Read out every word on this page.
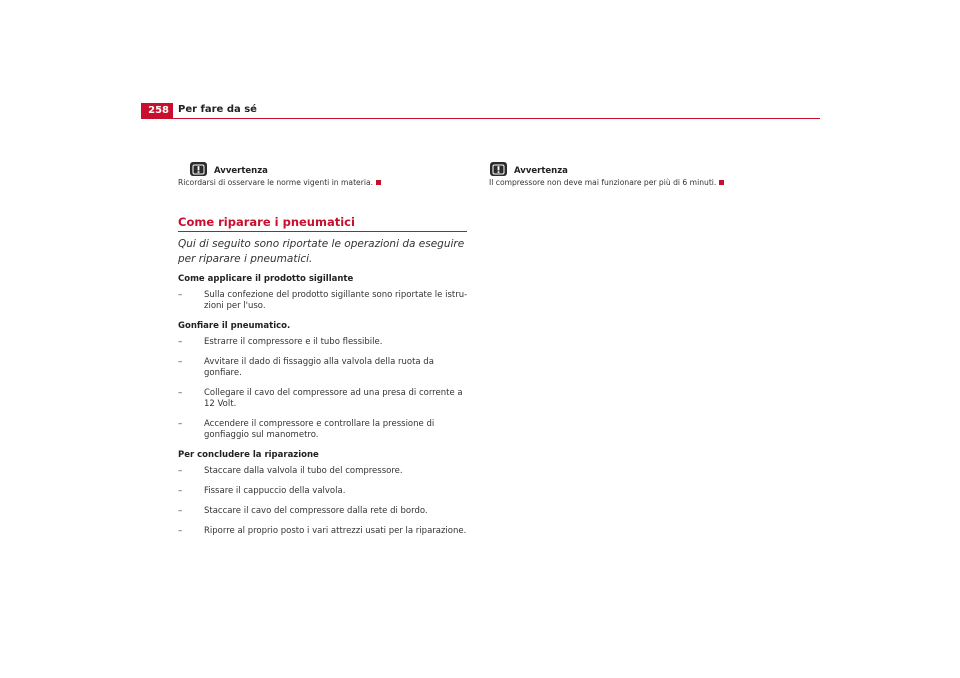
258 Per fare da sé
Avvertenza
Ricordarsi di osservare le norme vigenti in materia.
Avvertenza
Il compressore non deve mai funzionare per più di 6 minuti.
Come riparare i pneumatici
Qui di seguito sono riportate le operazioni da eseguire per riparare i pneumatici.
Come applicare il prodotto sigillante
–	Sulla confezione del prodotto sigillante sono riportate le istru-zioni per l'uso.
Gonfiare il pneumatico.
–	Estrarre il compressore e il tubo flessibile.
–	Avvitare il dado di fissaggio alla valvola della ruota da gonfiare.
–	Collegare il cavo del compressore ad una presa di corrente a 12 Volt.
–	Accendere il compressore e controllare la pressione di gonfiaggio sul manometro.
Per concludere la riparazione
–	Staccare dalla valvola il tubo del compressore.
–	Fissare il cappuccio della valvola.
–	Staccare il cavo del compressore dalla rete di bordo.
–	Riporre al proprio posto i vari attrezzi usati per la riparazione.
